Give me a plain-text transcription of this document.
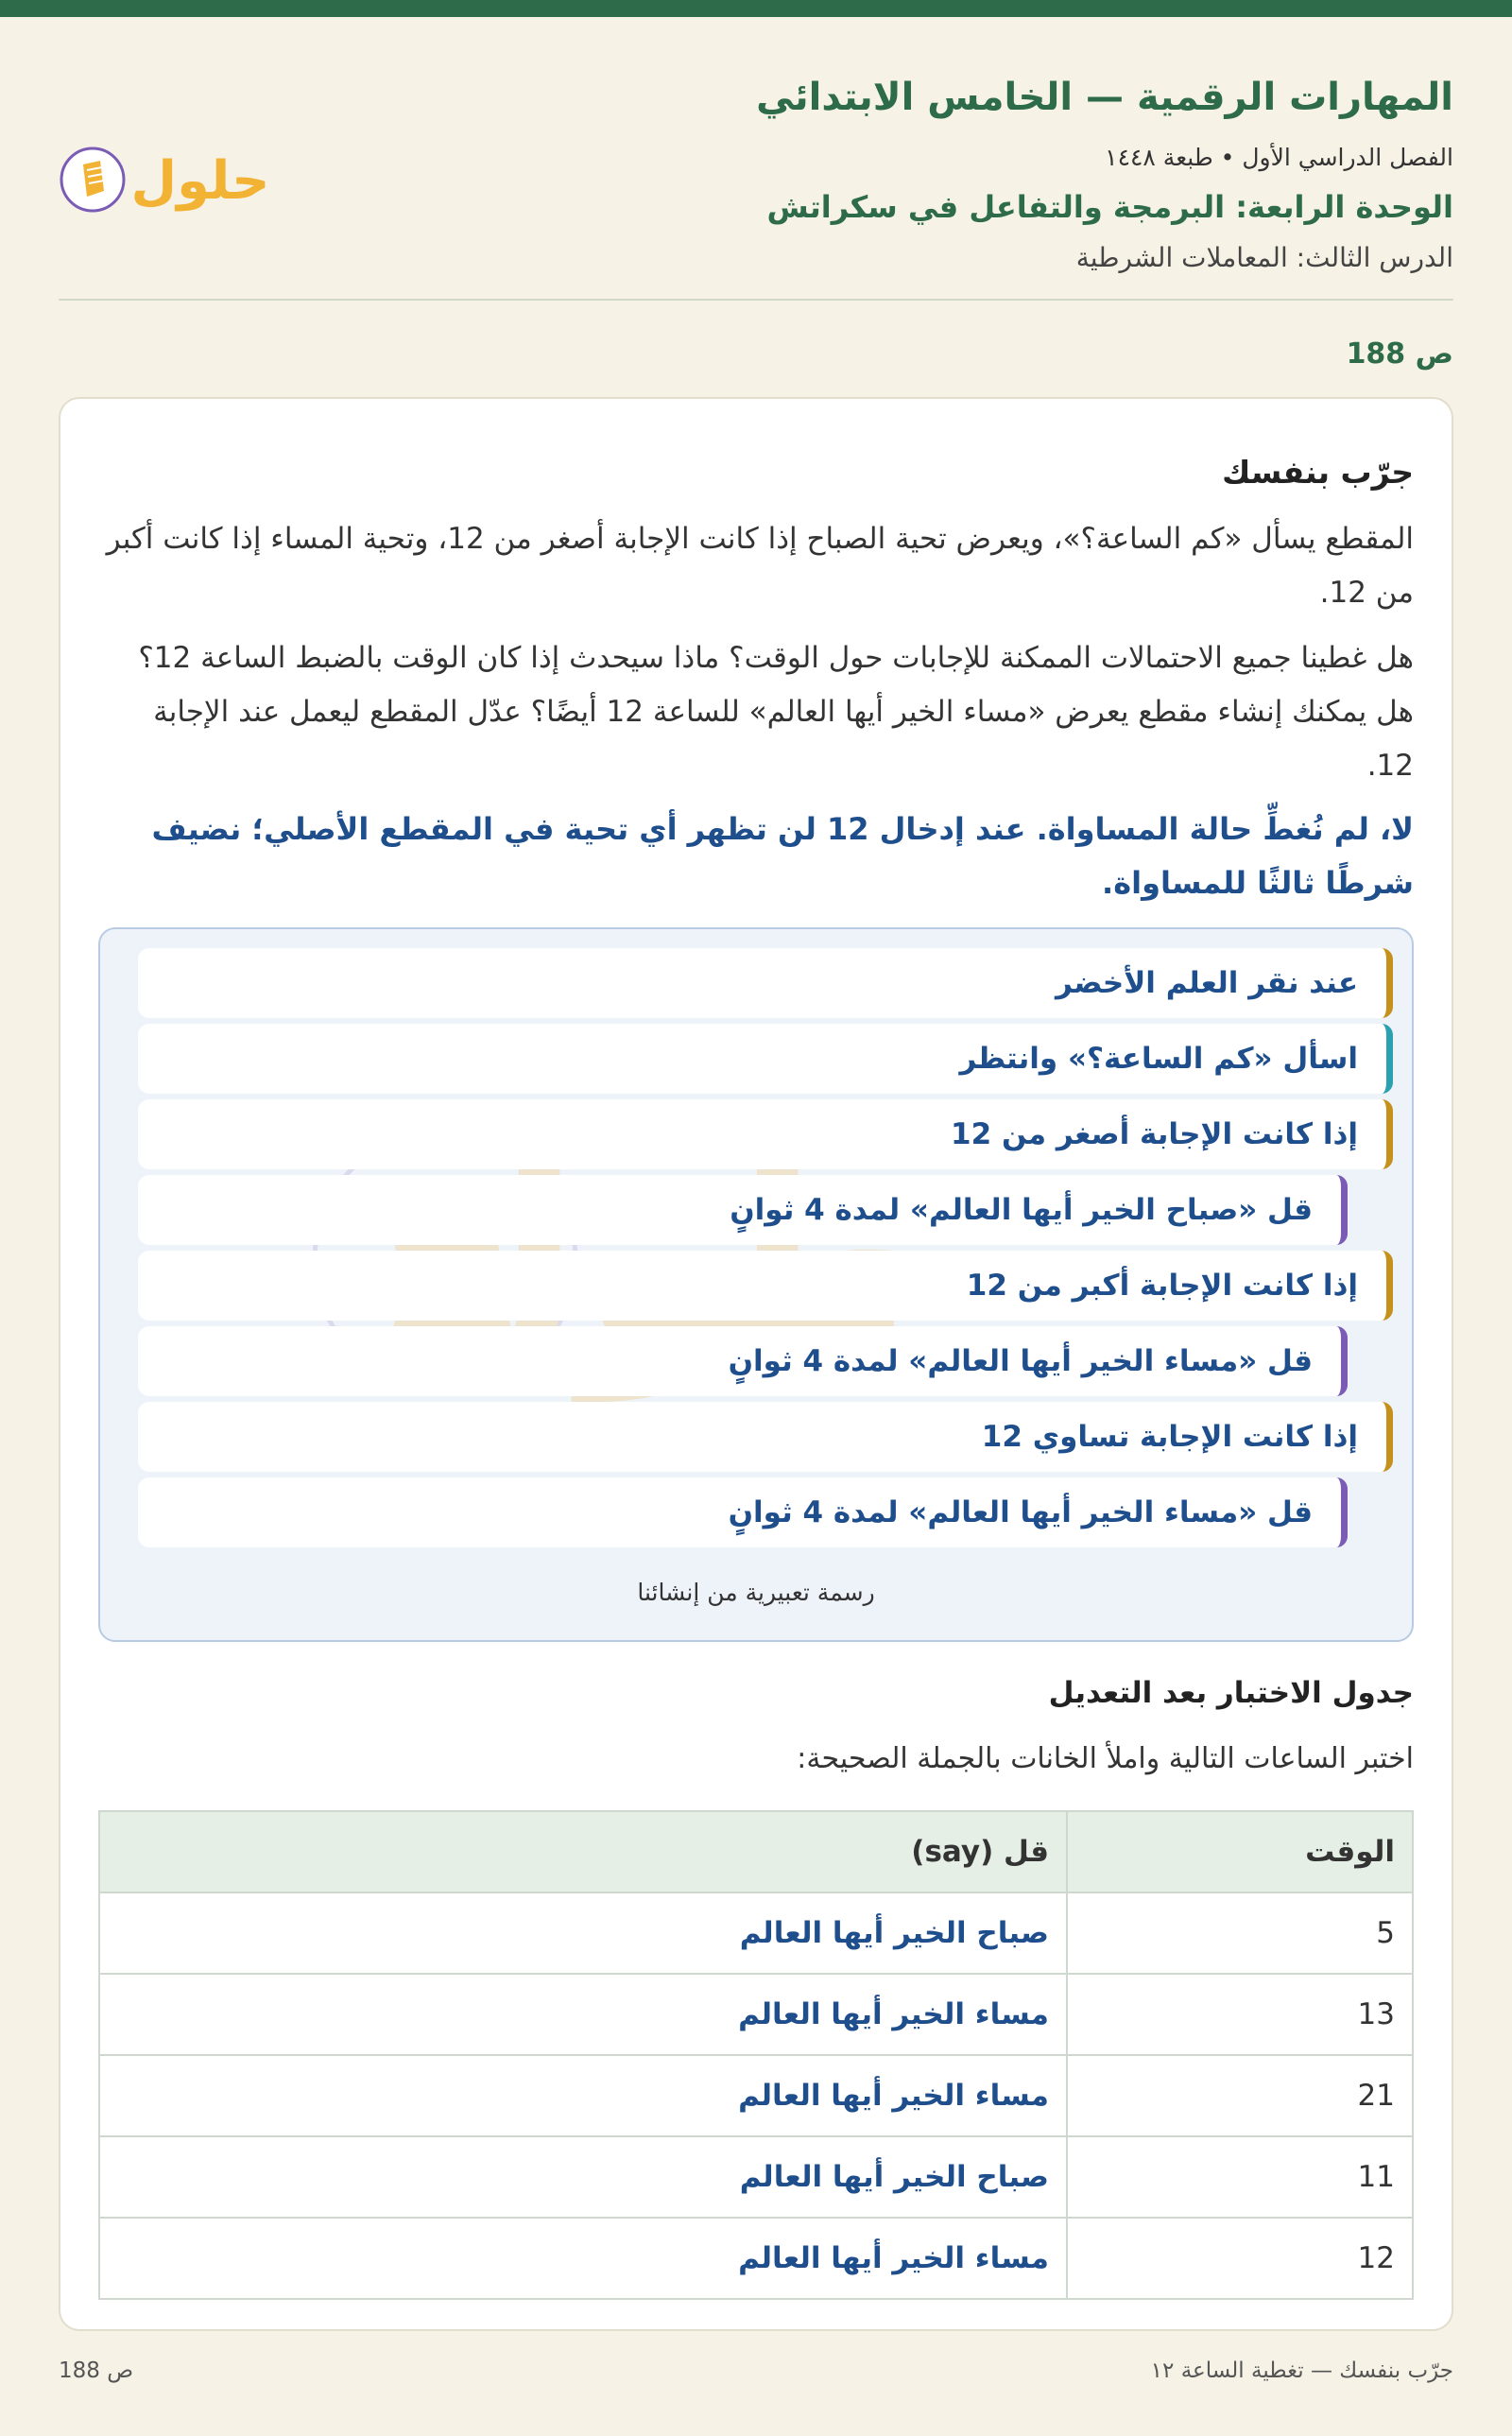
المهارات الرقمية — الخامس الابتدائي
الفصل الدراسي الأول • طبعة ١٤٤٨
الوحدة الرابعة: البرمجة والتفاعل في سكراتش
الدرس الثالث: المعاملات الشرطية
حلول
ص 188
جرّب بنفسك
المقطع يسأل «كم الساعة؟»، ويعرض تحية الصباح إذا كانت الإجابة أصغر من 12، وتحية المساء إذا كانت أكبر من 12.
هل غطينا جميع الاحتمالات الممكنة للإجابات حول الوقت؟ ماذا سيحدث إذا كان الوقت بالضبط الساعة 12؟ هل يمكنك إنشاء مقطع يعرض «مساء الخير أيها العالم» للساعة 12 أيضًا؟ عدّل المقطع ليعمل عند الإجابة 12.
لا، لم نُغطِّ حالة المساواة. عند إدخال 12 لن تظهر أي تحية في المقطع الأصلي؛ نضيف شرطًا ثالثًا للمساواة.
عند نقر العلم الأخضر
اسأل «كم الساعة؟» وانتظر
إذا كانت الإجابة أصغر من 12
قل «صباح الخير أيها العالم» لمدة 4 ثوانٍ
إذا كانت الإجابة أكبر من 12
قل «مساء الخير أيها العالم» لمدة 4 ثوانٍ
إذا كانت الإجابة تساوي 12
قل «مساء الخير أيها العالم» لمدة 4 ثوانٍ
رسمة تعبيرية من إنشائنا
جدول الاختبار بعد التعديل
اختبر الساعات التالية واملأ الخانات بالجملة الصحيحة:
الوقت	قل (say)
5	صباح الخير أيها العالم
13	مساء الخير أيها العالم
21	مساء الخير أيها العالم
11	صباح الخير أيها العالم
12	مساء الخير أيها العالم
جرّب بنفسك — تغطية الساعة ١٢
ص 188
